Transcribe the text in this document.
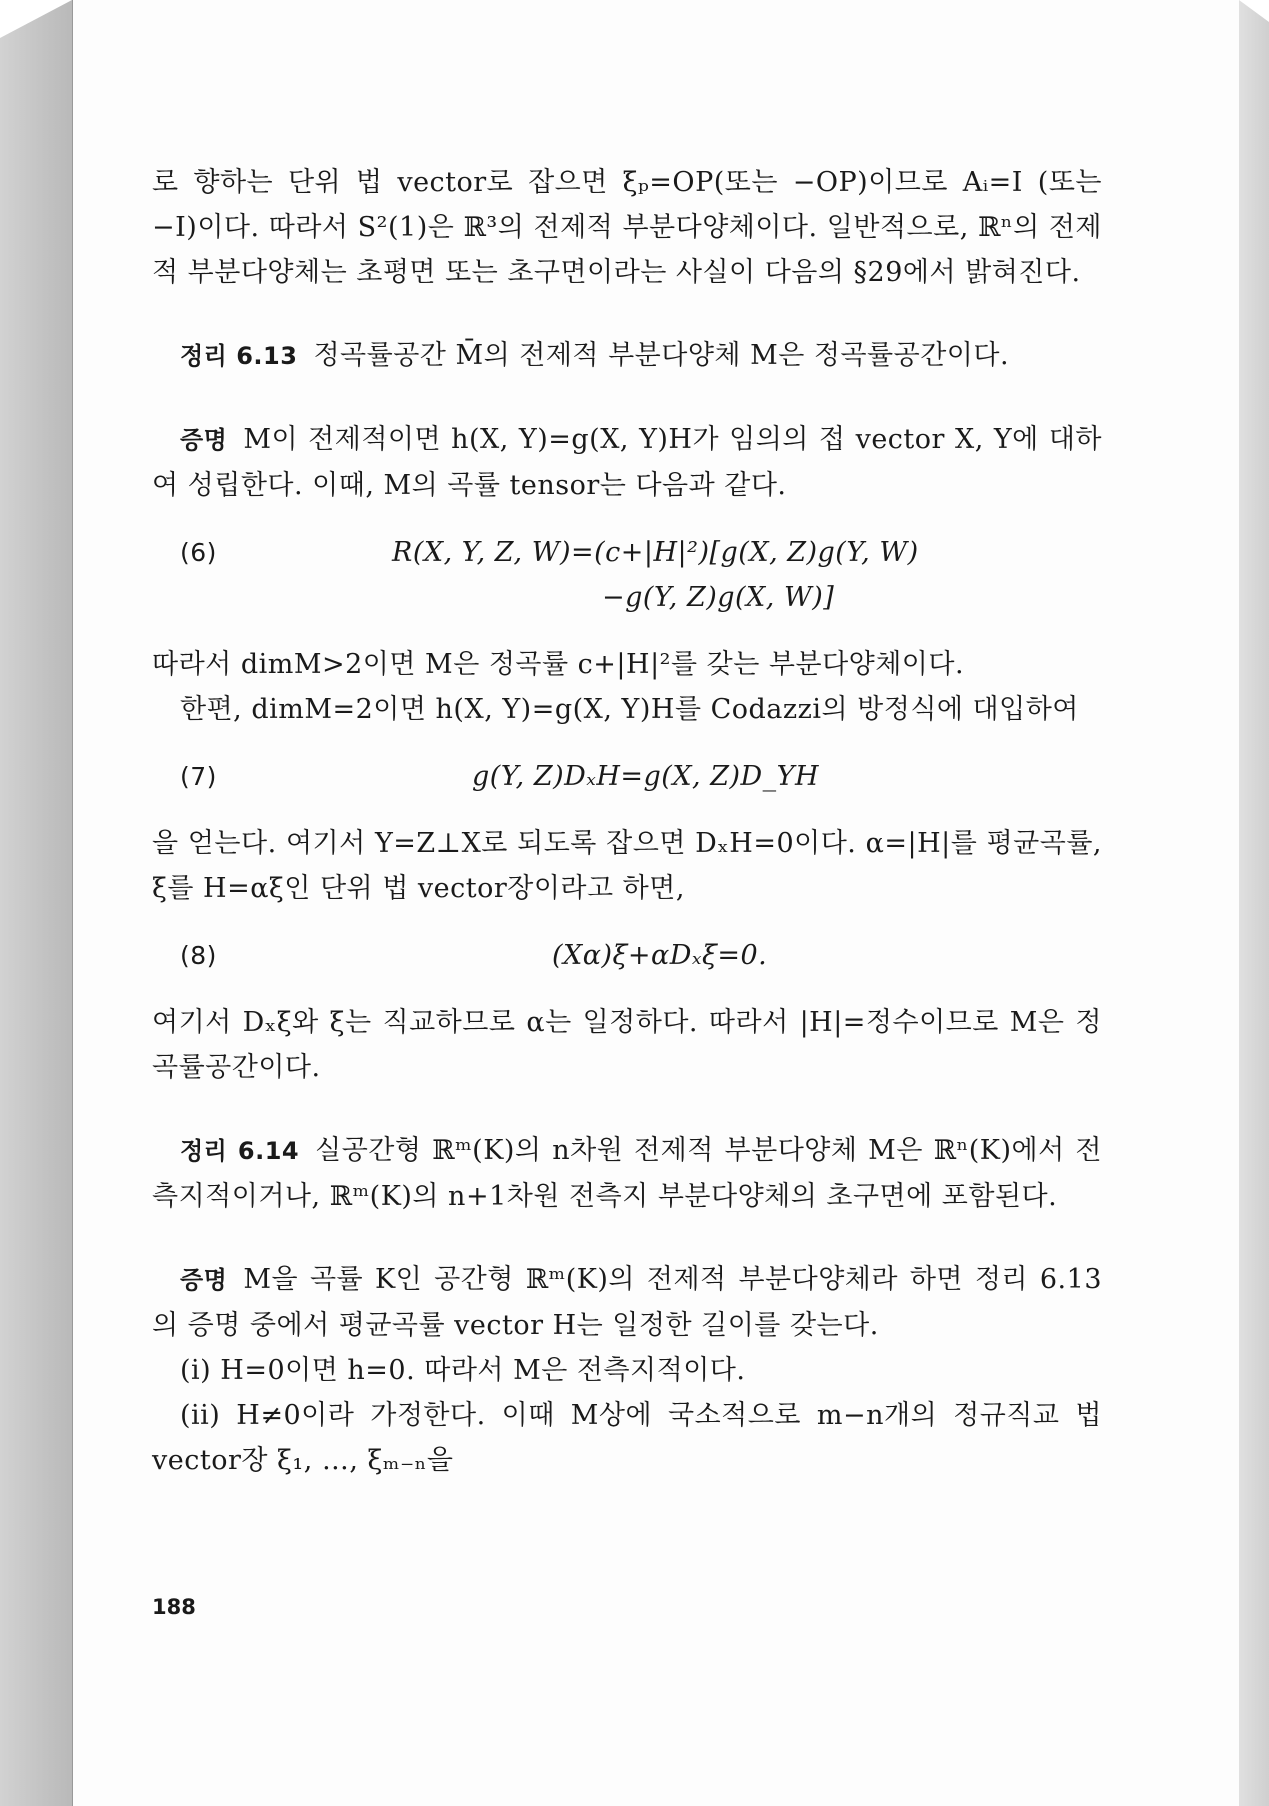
로 향하는 단위 법 vector로 잡으면 ξₚ=OP(또는 −OP)이므로 Aᵢ=I (또는 −I)이다. 따라서 S²(1)은 ℝ³의 전제적 부분다양체이다. 일반적으로, ℝⁿ의 전제적 부분다양체는 초평면 또는 초구면이라는 사실이 다음의 §29에서 밝혀진다.

정리 6.13 정곡률공간 M̄의 전제적 부분다양체 M은 정곡률공간이다.

증명 M이 전제적이면 h(X, Y)=g(X, Y)H가 임의의 접 vector X, Y에 대하여 성립한다. 이때, M의 곡률 tensor는 다음과 같다.

(6)	R(X, Y, Z, W)=(c+|H|²)[g(X, Z)g(Y, W)
−g(Y, Z)g(X, W)]

따라서 dimM>2이면 M은 정곡률 c+|H|²를 갖는 부분다양체이다.

한편, dimM=2이면 h(X, Y)=g(X, Y)H를 Codazzi의 방정식에 대입하여

(7)	g(Y, Z)DₓH=g(X, Z)D_YH

을 얻는다. 여기서 Y=Z⊥X로 되도록 잡으면 DₓH=0이다. α=|H|를 평균곡률, ξ를 H=αξ인 단위 법 vector장이라고 하면,

(8)	(Xα)ξ+αDₓξ=0.

여기서 Dₓξ와 ξ는 직교하므로 α는 일정하다. 따라서 |H|=정수이므로 M은 정곡률공간이다.

정리 6.14 실공간형 ℝᵐ(K)의 n차원 전제적 부분다양체 M은 ℝⁿ(K)에서 전측지적이거나, ℝᵐ(K)의 n+1차원 전측지 부분다양체의 초구면에 포함된다.

증명 M을 곡률 K인 공간형 ℝᵐ(K)의 전제적 부분다양체라 하면 정리 6.13의 증명 중에서 평균곡률 vector H는 일정한 길이를 갖는다.

(i) H=0이면 h=0. 따라서 M은 전측지적이다.

(ii) H≠0이라 가정한다. 이때 M상에 국소적으로 m−n개의 정규직교 법 vector장 ξ₁, …, ξₘ₋ₙ을

188
